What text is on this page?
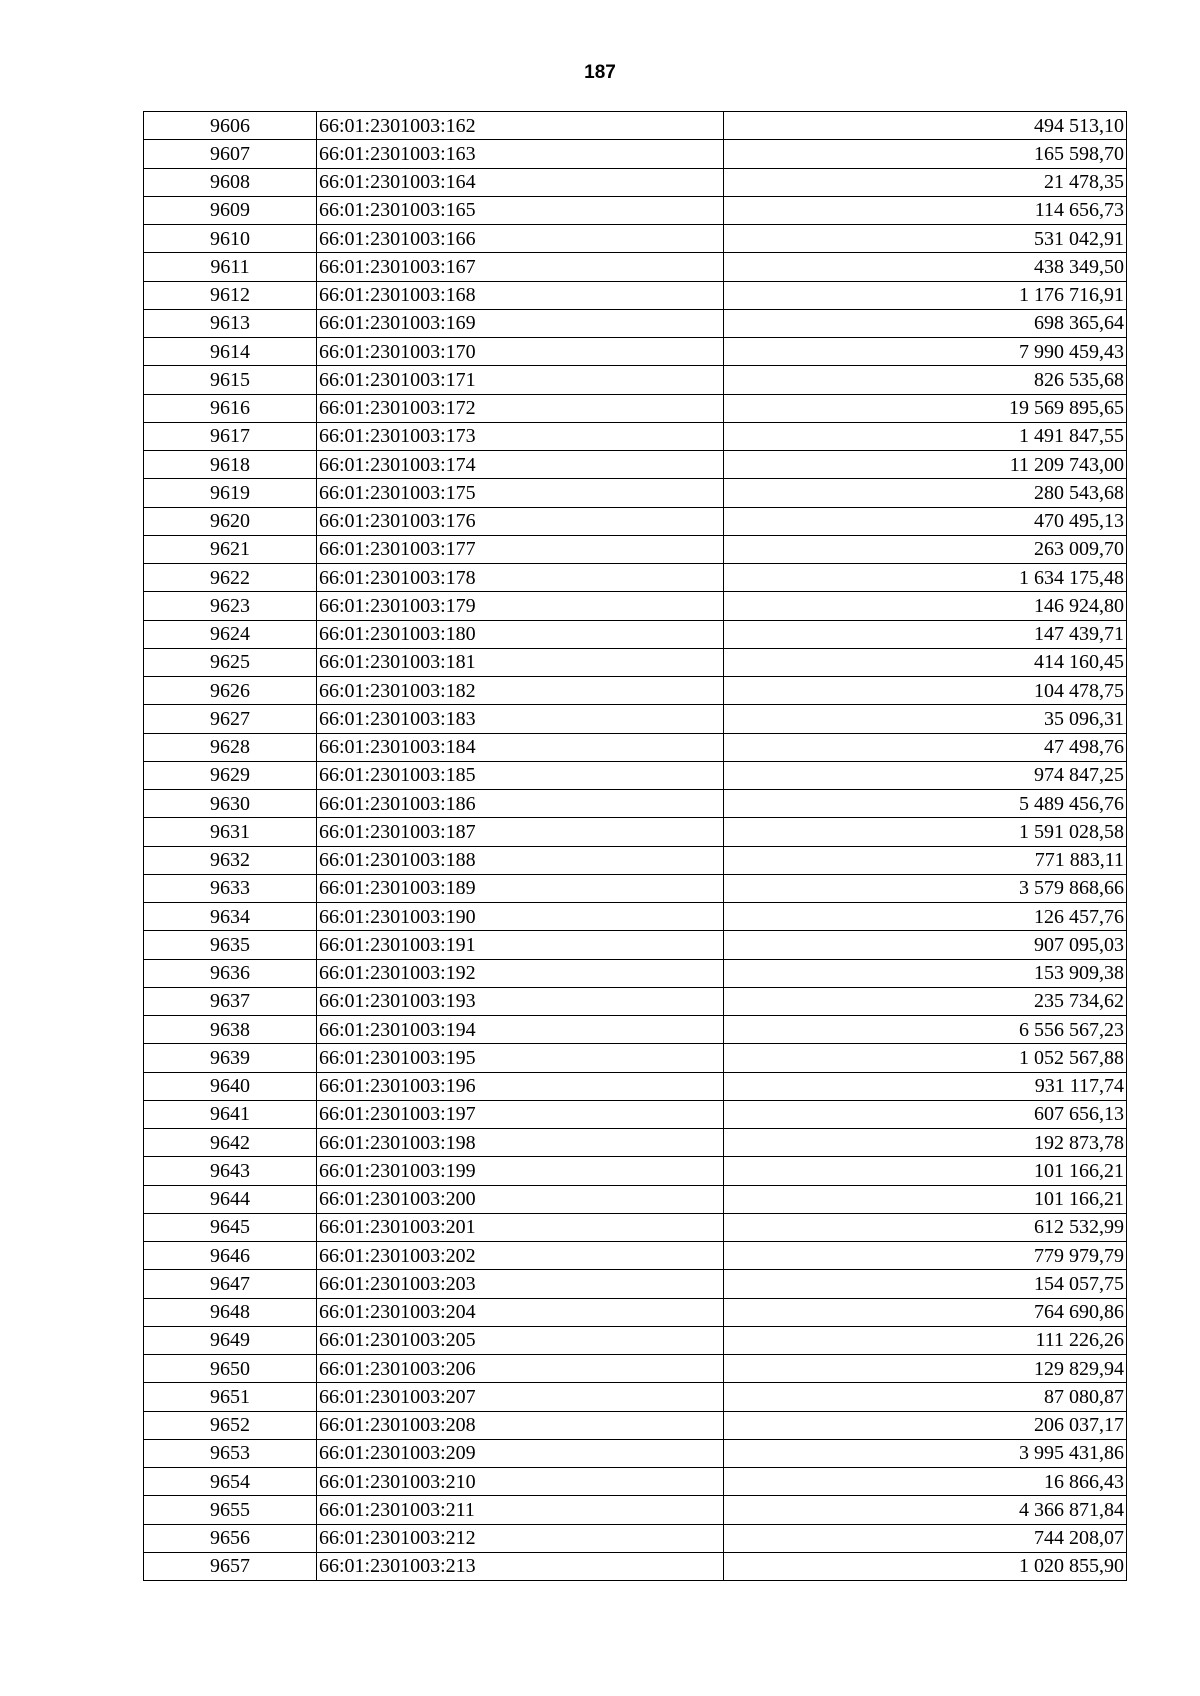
187
9606	66:01:2301003:162	494 513,10
9607	66:01:2301003:163	165 598,70
9608	66:01:2301003:164	21 478,35
9609	66:01:2301003:165	114 656,73
9610	66:01:2301003:166	531 042,91
9611	66:01:2301003:167	438 349,50
9612	66:01:2301003:168	1 176 716,91
9613	66:01:2301003:169	698 365,64
9614	66:01:2301003:170	7 990 459,43
9615	66:01:2301003:171	826 535,68
9616	66:01:2301003:172	19 569 895,65
9617	66:01:2301003:173	1 491 847,55
9618	66:01:2301003:174	11 209 743,00
9619	66:01:2301003:175	280 543,68
9620	66:01:2301003:176	470 495,13
9621	66:01:2301003:177	263 009,70
9622	66:01:2301003:178	1 634 175,48
9623	66:01:2301003:179	146 924,80
9624	66:01:2301003:180	147 439,71
9625	66:01:2301003:181	414 160,45
9626	66:01:2301003:182	104 478,75
9627	66:01:2301003:183	35 096,31
9628	66:01:2301003:184	47 498,76
9629	66:01:2301003:185	974 847,25
9630	66:01:2301003:186	5 489 456,76
9631	66:01:2301003:187	1 591 028,58
9632	66:01:2301003:188	771 883,11
9633	66:01:2301003:189	3 579 868,66
9634	66:01:2301003:190	126 457,76
9635	66:01:2301003:191	907 095,03
9636	66:01:2301003:192	153 909,38
9637	66:01:2301003:193	235 734,62
9638	66:01:2301003:194	6 556 567,23
9639	66:01:2301003:195	1 052 567,88
9640	66:01:2301003:196	931 117,74
9641	66:01:2301003:197	607 656,13
9642	66:01:2301003:198	192 873,78
9643	66:01:2301003:199	101 166,21
9644	66:01:2301003:200	101 166,21
9645	66:01:2301003:201	612 532,99
9646	66:01:2301003:202	779 979,79
9647	66:01:2301003:203	154 057,75
9648	66:01:2301003:204	764 690,86
9649	66:01:2301003:205	111 226,26
9650	66:01:2301003:206	129 829,94
9651	66:01:2301003:207	87 080,87
9652	66:01:2301003:208	206 037,17
9653	66:01:2301003:209	3 995 431,86
9654	66:01:2301003:210	16 866,43
9655	66:01:2301003:211	4 366 871,84
9656	66:01:2301003:212	744 208,07
9657	66:01:2301003:213	1 020 855,90
